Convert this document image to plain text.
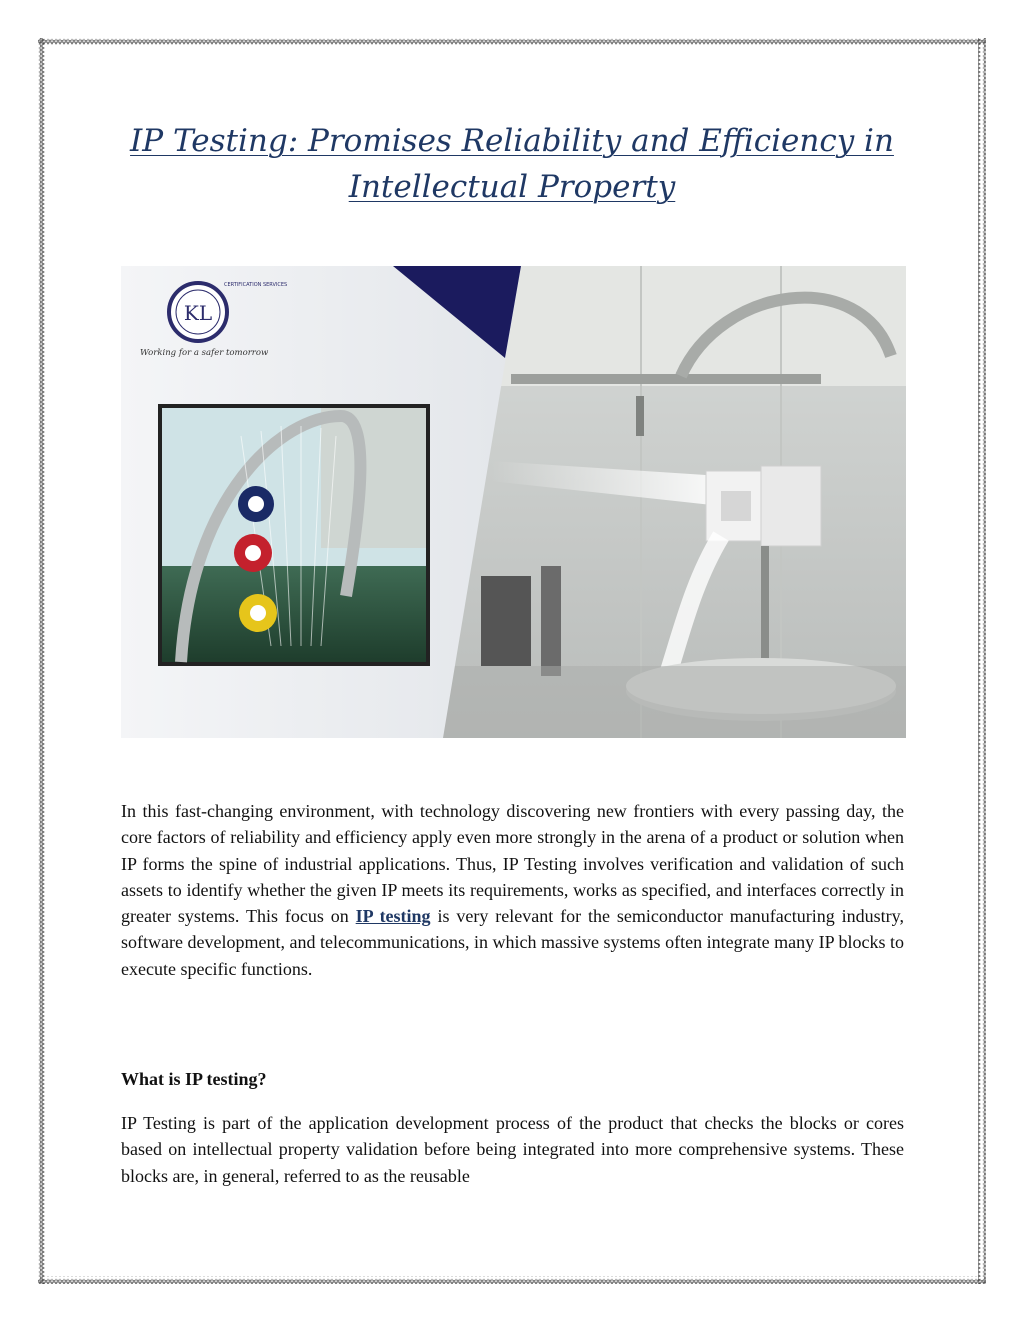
IP Testing: Promises Reliability and Efficiency in Intellectual Property
KL
CERTIFICATION SERVICES
Working for a safer tomorrow

In this fast-changing environment, with technology discovering new frontiers with every passing day, the core factors of reliability and efficiency apply even more strongly in the arena of a product or solution when IP forms the spine of industrial applications. Thus, IP Testing involves verification and validation of such assets to identify whether the given IP meets its requirements, works as specified, and interfaces correctly in greater systems. This focus on IP testing is very relevant for the semiconductor manufacturing industry, software development, and telecommunications, in which massive systems often integrate many IP blocks to execute specific functions.

What is IP testing?

IP Testing is part of the application development process of the product that checks the blocks or cores based on intellectual property validation before being integrated into more comprehensive systems. These blocks are, in general, referred to as the reusable
